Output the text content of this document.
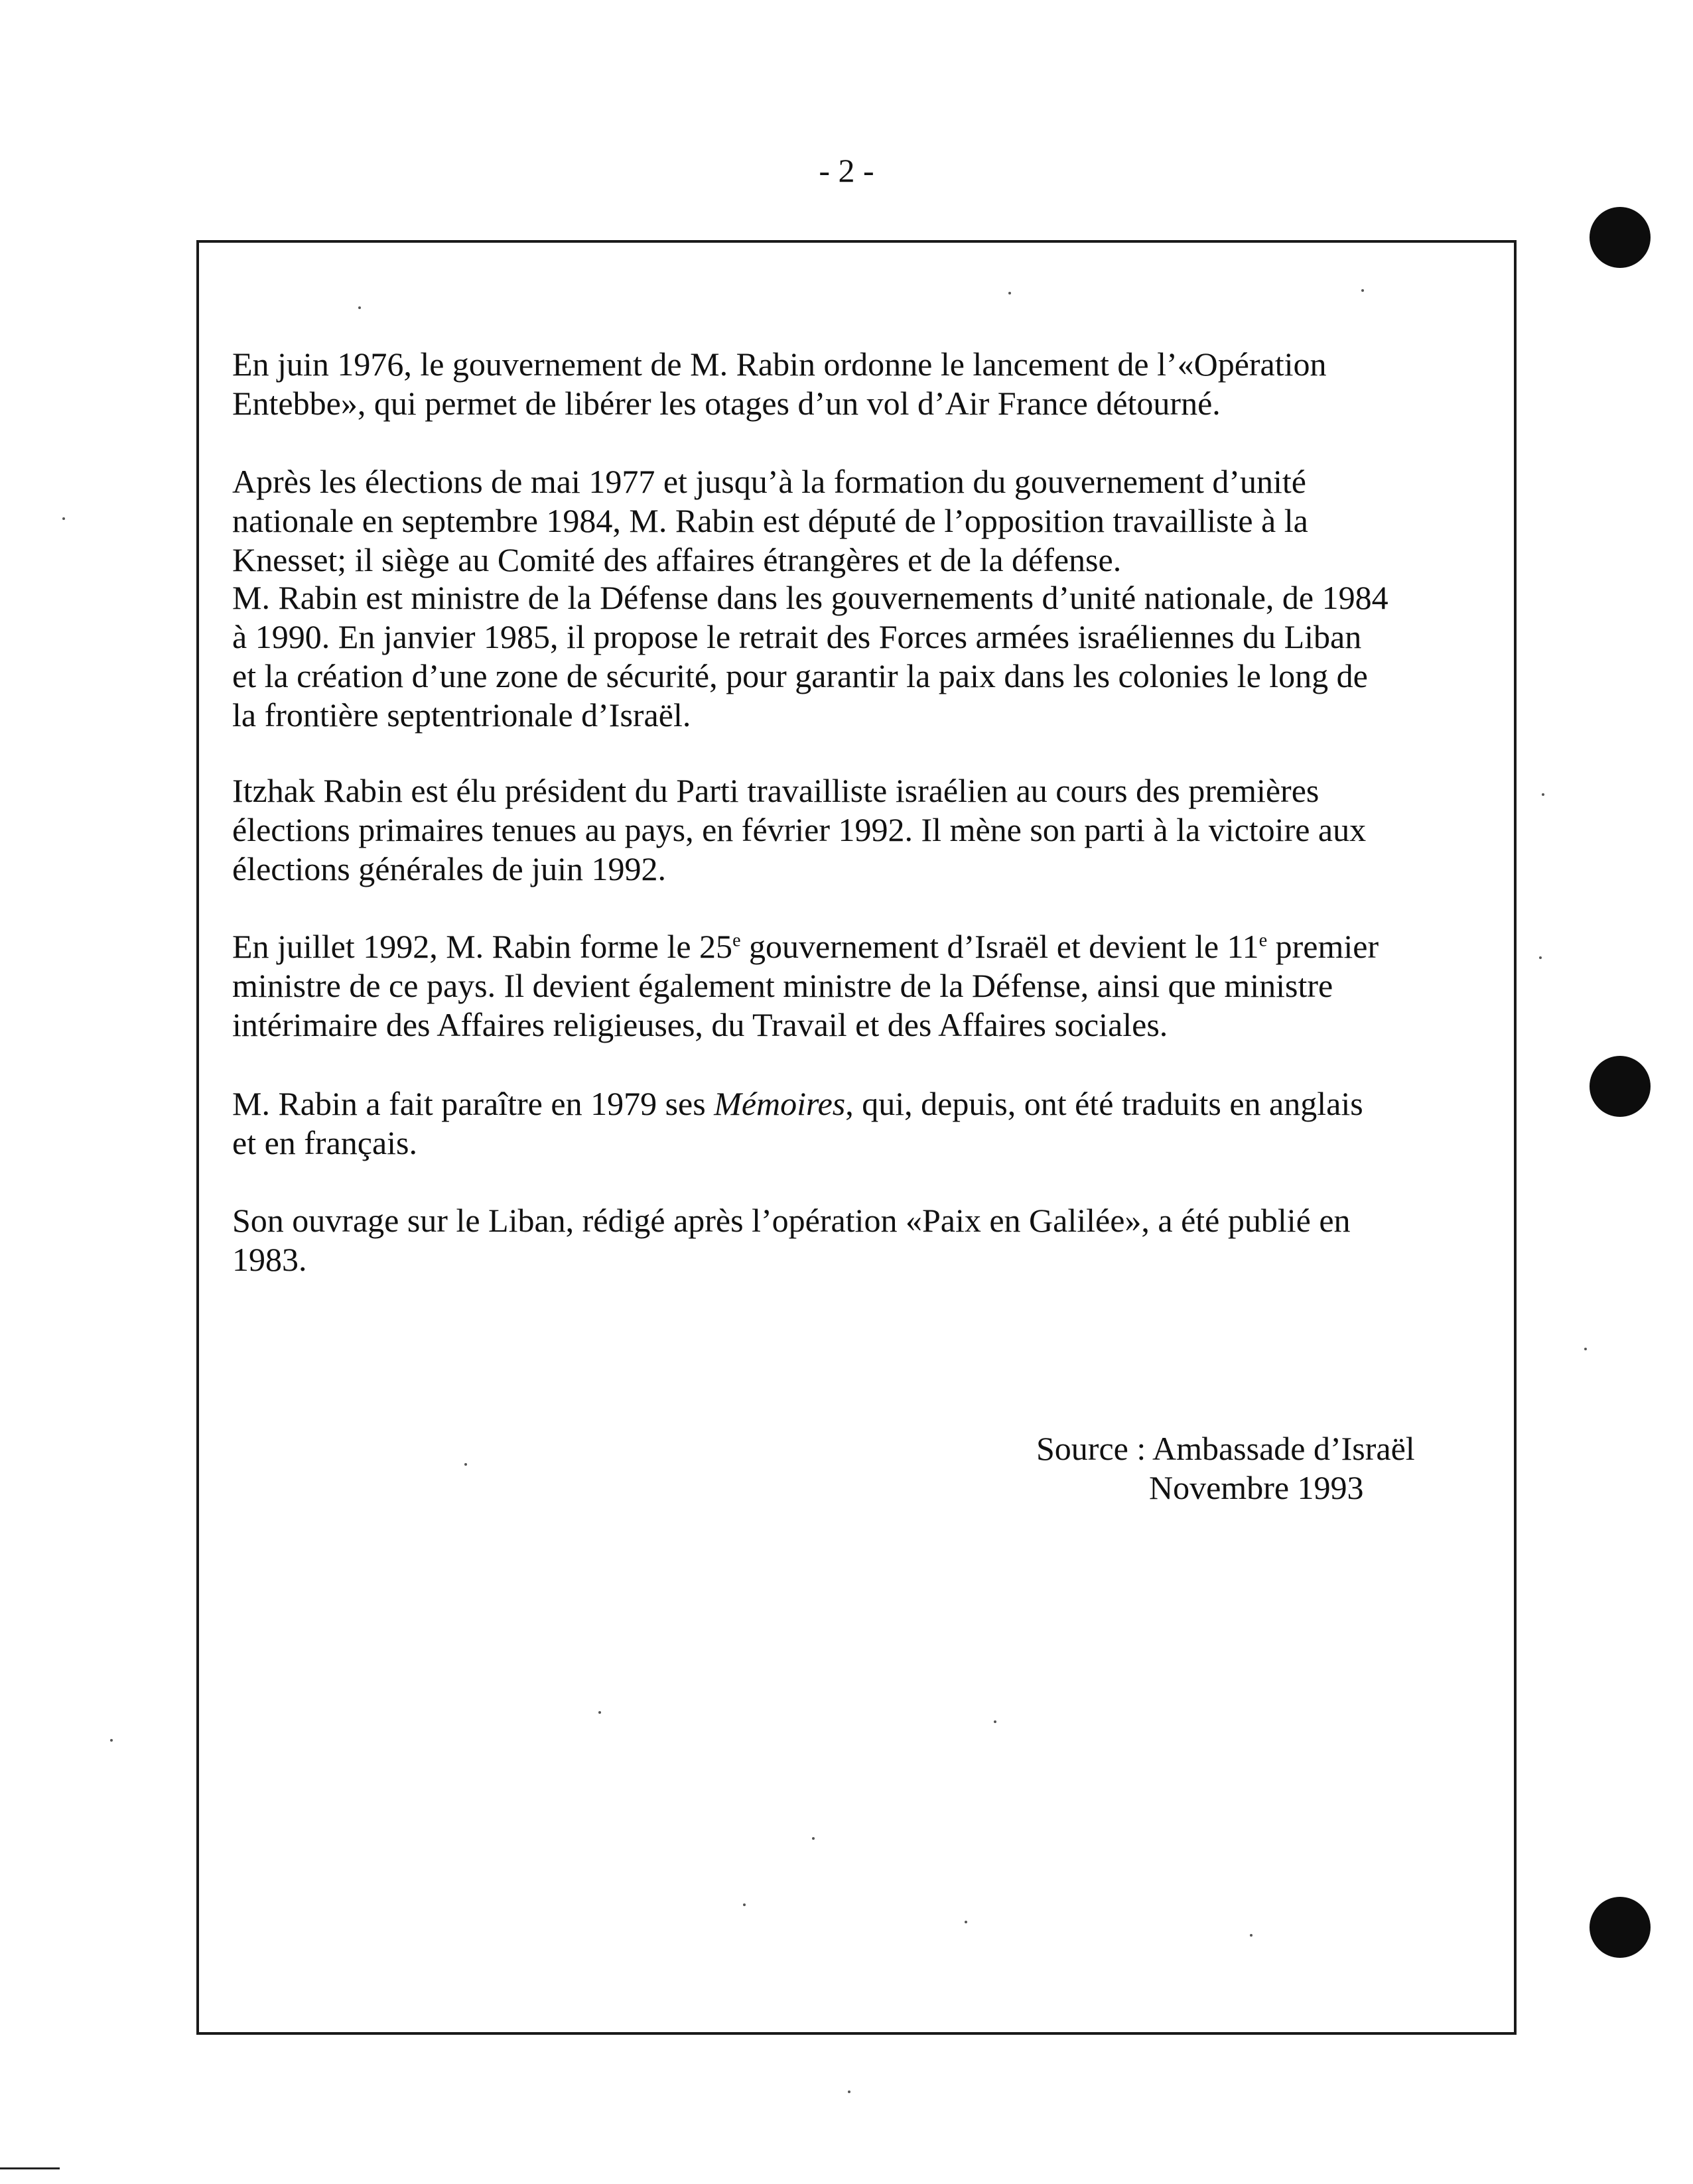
- 2 -

En juin 1976, le gouvernement de M. Rabin ordonne le lancement de l’«Opération
Entebbe», qui permet de libérer les otages d’un vol d’Air France détourné.

Après les élections de mai 1977 et jusqu’à la formation du gouvernement d’unité
nationale en septembre 1984, M. Rabin est député de l’opposition travailliste à la
Knesset; il siège au Comité des affaires étrangères et de la défense.

M. Rabin est ministre de la Défense dans les gouvernements d’unité nationale, de 1984
à 1990. En janvier 1985, il propose le retrait des Forces armées israéliennes du Liban
et la création d’une zone de sécurité, pour garantir la paix dans les colonies le long de
la frontière septentrionale d’Israël.

Itzhak Rabin est élu président du Parti travailliste israélien au cours des premières
élections primaires tenues au pays, en février 1992. Il mène son parti à la victoire aux
élections générales de juin 1992.

En juillet 1992, M. Rabin forme le 25e gouvernement d’Israël et devient le 11e premier
ministre de ce pays. Il devient également ministre de la Défense, ainsi que ministre
intérimaire des Affaires religieuses, du Travail et des Affaires sociales.

M. Rabin a fait paraître en 1979 ses Mémoires, qui, depuis, ont été traduits en anglais
et en français.

Son ouvrage sur le Liban, rédigé après l’opération «Paix en Galilée», a été publié en
1983.

Source : Ambassade d’Israël
Novembre 1993
